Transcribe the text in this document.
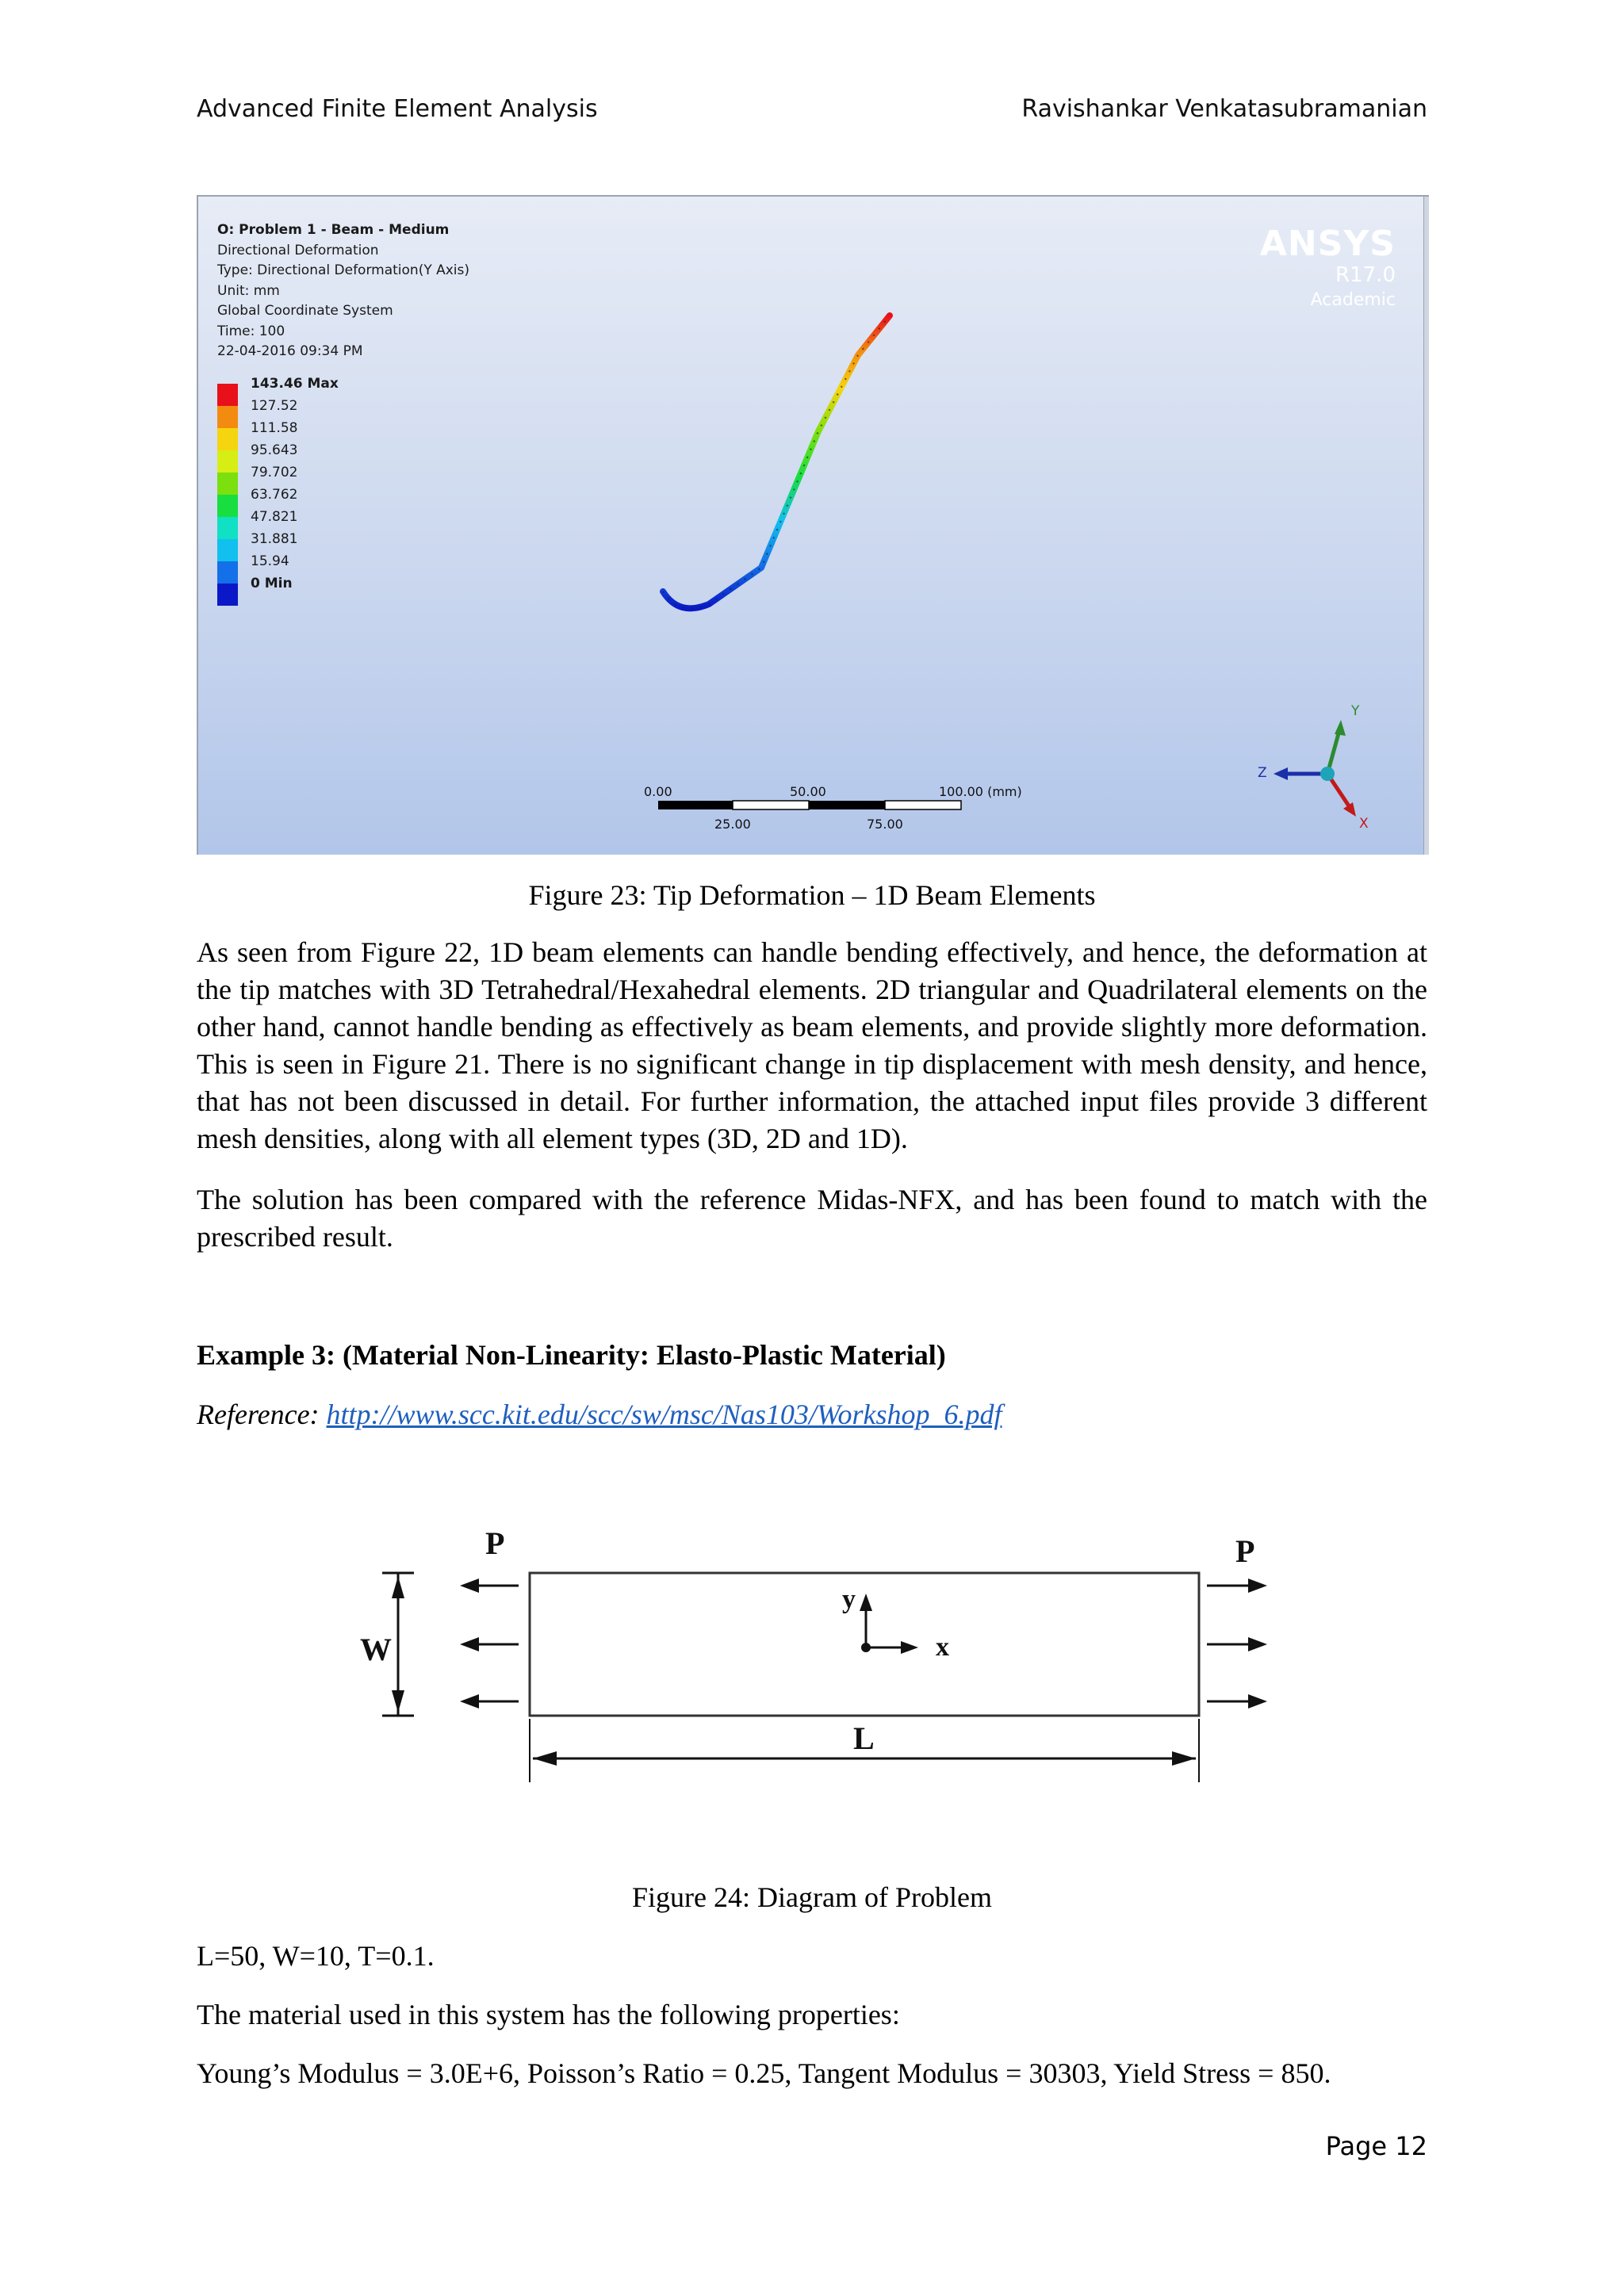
Advanced Finite Element Analysis	Ravishankar Venkatasubramanian
O: Problem 1 - Beam - Medium
Directional Deformation
Type: Directional Deformation(Y Axis)
Unit: mm
Global Coordinate System
Time: 100
22-04-2016 09:34 PM
143.46 Max
127.52
111.58
95.643
79.702
63.762
47.821
31.881
15.94
0 Min
ANSYS
R17.0
Academic
0.00	50.00	100.00 (mm)
25.00	75.00
Y
Z
X
Figure 23: Tip Deformation – 1D Beam Elements

As seen from Figure 22, 1D beam elements can handle bending effectively, and hence, the deformation at the tip matches with 3D Tetrahedral/Hexahedral elements. 2D triangular and Quadrilateral elements on the other hand, cannot handle bending as effectively as beam elements, and provide slightly more deformation. This is seen in Figure 21. There is no significant change in tip displacement with mesh density, and hence, that has not been discussed in detail. For further information, the attached input files provide 3 different mesh densities, along with all element types (3D, 2D and 1D).

The solution has been compared with the reference Midas-NFX, and has been found to match with the prescribed result.

Example 3: (Material Non-Linearity: Elasto-Plastic Material)
Reference: http://www.scc.kit.edu/scc/sw/msc/Nas103/Workshop_6.pdf
W
P	P
y
x
L
Figure 24: Diagram of Problem
L=50, W=10, T=0.1.
The material used in this system has the following properties:
Young’s Modulus = 3.0E+6, Poisson’s Ratio = 0.25, Tangent Modulus = 30303, Yield Stress = 850.
Page 12
